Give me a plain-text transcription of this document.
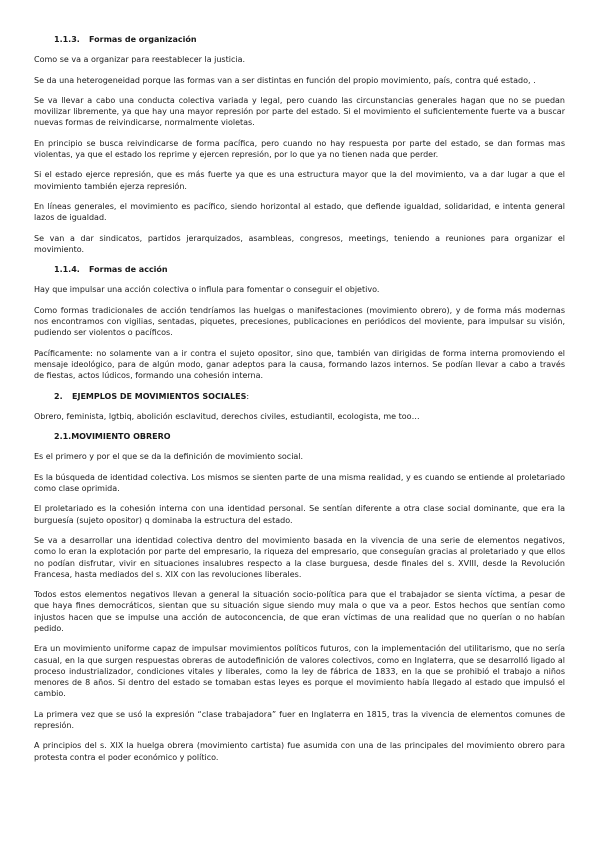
1.1.3. Formas de organización

Como se va a organizar para reestablecer la justicia.

Se da una heterogeneidad porque las formas van a ser distintas en función del propio movimiento, país, contra qué estado, .

Se va llevar a cabo una conducta colectiva variada y legal, pero cuando las circunstancias generales hagan que no se puedan movilizar libremente, ya que hay una mayor represión por parte del estado. Si el movimiento el suficientemente fuerte va a buscar nuevas formas de reivindicarse, normalmente violetas.

En principio se busca reivindicarse de forma pacífica, pero cuando no hay respuesta por parte del estado, se dan formas mas violentas, ya que el estado los reprime y ejercen represión, por lo que ya no tienen nada que perder.

Si el estado ejerce represión, que es más fuerte ya que es una estructura mayor que la del movimiento, va a dar lugar a que el movimiento también ejerza represión.

En líneas generales, el movimiento es pacífico, siendo horizontal al estado, que defiende igualdad, solidaridad, e intenta general lazos de igualdad.

Se van a dar sindicatos, partidos jerarquizados, asambleas, congresos, meetings, teniendo a reuniones para organizar el movimiento.

1.1.4. Formas de acción

Hay que impulsar una acción colectiva o influla para fomentar o conseguir el objetivo.

Como formas tradicionales de acción tendríamos las huelgas o manifestaciones (movimiento obrero), y de forma más modernas nos encontramos con vigilias, sentadas, piquetes, precesiones, publicaciones en periódicos del moviente, para impulsar su visión, pudiendo ser violentos o pacíficos.

Pacíficamente: no solamente van a ir contra el sujeto opositor, sino que, también van dirigidas de forma interna promoviendo el mensaje ideológico, para de algún modo, ganar adeptos para la causa, formando lazos internos. Se podían llevar a cabo a través de fiestas, actos lúdicos, formando una cohesión interna.

2. EJEMPLOS DE MOVIMIENTOS SOCIALES:

Obrero, feminista, lgtbiq, abolición esclavitud, derechos civiles, estudiantil, ecologista, me too…

2.1.MOVIMIENTO OBRERO

Es el primero y por el que se da la definición de movimiento social.

Es la búsqueda de identidad colectiva. Los mismos se sienten parte de una misma realidad, y es cuando se entiende al proletariado como clase oprimida.

El proletariado es la cohesión interna con una identidad personal. Se sentían diferente a otra clase social dominante, que era la burguesía (sujeto opositor) q dominaba la estructura del estado.

Se va a desarrollar una identidad colectiva dentro del movimiento basada en la vivencia de una serie de elementos negativos, como lo eran la explotación por parte del empresario, la riqueza del empresario, que conseguían gracias al proletariado y que ellos no podían disfrutar, vivir en situaciones insalubres respecto a la clase burguesa, desde finales del s. XVIII, desde la Revolución Francesa, hasta mediados del s. XIX con las revoluciones liberales.

Todos estos elementos negativos llevan a general la situación socio-política para que el trabajador se sienta víctima, a pesar de que haya fines democráticos, sientan que su situación sigue siendo muy mala o que va a peor. Estos hechos que sentían como injustos hacen que se impulse una acción de autoconcencia, de que eran víctimas de una realidad que no querían o no habían pedido.

Era un movimiento uniforme capaz de impulsar movimientos políticos futuros, con la implementación del utilitarismo, que no sería casual, en la que surgen respuestas obreras de autodefinición de valores colectivos, como en Inglaterra, que se desarrolló ligado al proceso industrializador, condiciones vitales y liberales, como la ley de fábrica de 1833, en la que se prohibió el trabajo a niños menores de 8 años. Si dentro del estado se tomaban estas leyes es porque el movimiento había llegado al estado que impulsó el cambio.

La primera vez que se usó la expresión “clase trabajadora” fuer en Inglaterra en 1815, tras la vivencia de elementos comunes de represión.

A principios del s. XIX la huelga obrera (movimiento cartista) fue asumida con una de las principales del movimiento obrero para protesta contra el poder económico y político.
